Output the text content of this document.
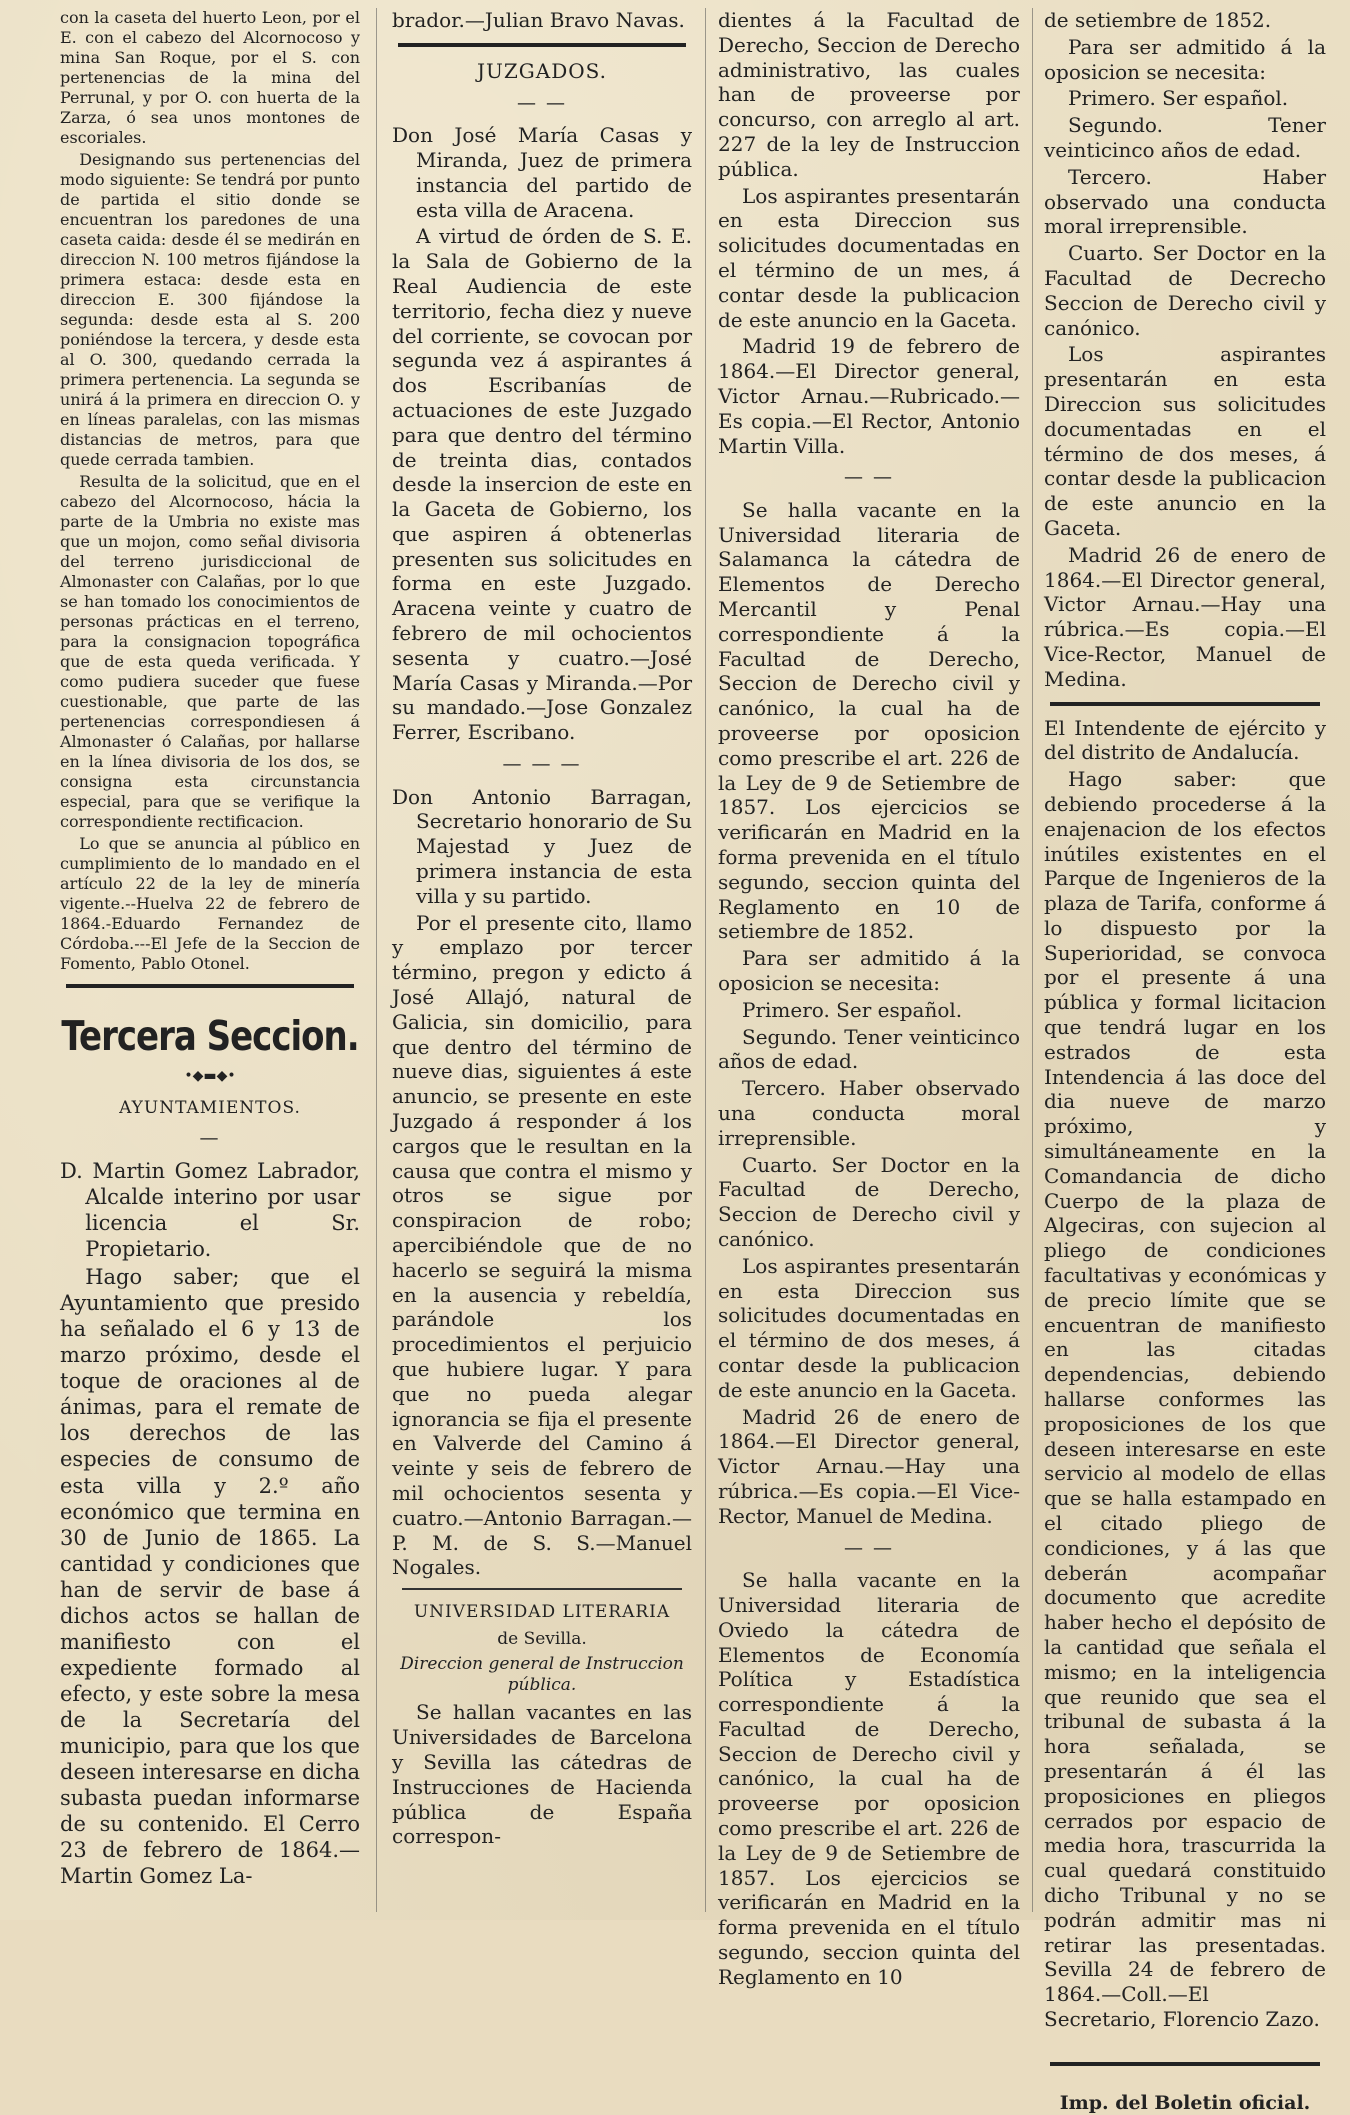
con la caseta del huerto Leon, por el E. con el cabezo del Alcornocoso y mina San Roque, por el S. con pertenencias de la mina del Perrunal, y por O. con huerta de la Zarza, ó sea unos montones de escoriales.

Designando sus pertenencias del modo siguiente: Se tendrá por punto de partida el sitio donde se encuentran los paredones de una caseta caida: desde él se medirán en direccion N. 100 metros fijándose la primera estaca: desde esta en direccion E. 300 fijándose la segunda: desde esta al S. 200 poniéndose la tercera, y desde esta al O. 300, quedando cerrada la primera pertenencia. La segunda se unirá á la primera en direccion O. y en líneas paralelas, con las mismas distancias de metros, para que quede cerrada tambien.

Resulta de la solicitud, que en el cabezo del Alcornocoso, hácia la parte de la Umbria no existe mas que un mojon, como señal divisoria del terreno jurisdiccional de Almonaster con Calañas, por lo que se han tomado los conocimientos de personas prácticas en el terreno, para la consignacion topográfica que de esta queda verificada. Y como pudiera suceder que fuese cuestionable, que parte de las pertenencias correspondiesen á Almonaster ó Calañas, por hallarse en la línea divisoria de los dos, se consigna esta circunstancia especial, para que se verifique la correspondiente rectificacion.

Lo que se anuncia al público en cumplimiento de lo mandado en el artículo 22 de la ley de minería vigente.--Huelva 22 de febrero de 1864.-Eduardo Fernandez de Córdoba.---El Jefe de la Seccion de Fomento, Pablo Otonel.

Tercera Seccion.
•◆▬◆•
AYUNTAMIENTOS.
—

D. Martin Gomez Labrador, Alcalde interino por usar licencia el Sr. Propietario.

Hago saber; que el Ayuntamiento que presido ha señalado el 6 y 13 de marzo próximo, desde el toque de oraciones al de ánimas, para el remate de los derechos de las especies de consumo de esta villa y 2.º año económico que termina en 30 de Junio de 1865. La cantidad y condiciones que han de servir de base á dichos actos se hallan de manifiesto con el expediente formado al efecto, y este sobre la mesa de la Secretaría del municipio, para que los que deseen interesarse en dicha subasta puedan informarse de su contenido. El Cerro 23 de febrero de 1864.—Martin Gomez La-

brador.—Julian Bravo Navas.

JUZGADOS.
— —

Don José María Casas y Miranda, Juez de primera instancia del partido de esta villa de Aracena.

A virtud de órden de S. E. la Sala de Gobierno de la Real Audiencia de este territorio, fecha diez y nueve del corriente, se covocan por segunda vez á aspirantes á dos Escribanías de actuaciones de este Juzgado para que dentro del término de treinta dias, contados desde la insercion de este en la Gaceta de Gobierno, los que aspiren á obtenerlas presenten sus solicitudes en forma en este Juzgado. Aracena veinte y cuatro de febrero de mil ochocientos sesenta y cuatro.—José María Casas y Miranda.—Por su mandado.—Jose Gonzalez Ferrer, Escribano.

— — —

Don Antonio Barragan, Secretario honorario de Su Majestad y Juez de primera instancia de esta villa y su partido.

Por el presente cito, llamo y emplazo por tercer término, pregon y edicto á José Allajó, natural de Galicia, sin domicilio, para que dentro del término de nueve dias, siguientes á este anuncio, se presente en este Juzgado á responder á los cargos que le resultan en la causa que contra el mismo y otros se sigue por conspiracion de robo; apercibiéndole que de no hacerlo se seguirá la misma en la ausencia y rebeldía, parándole los procedimientos el perjuicio que hubiere lugar. Y para que no pueda alegar ignorancia se fija el presente en Valverde del Camino á veinte y seis de febrero de mil ochocientos sesenta y cuatro.—Antonio Barragan.—P. M. de S. S.—Manuel Nogales.

UNIVERSIDAD LITERARIA
de Sevilla.
Direccion general de Instruccion pública.

Se hallan vacantes en las Universidades de Barcelona y Sevilla las cátedras de Instrucciones de Hacienda pública de España correspon-

dientes á la Facultad de Derecho, Seccion de Derecho administrativo, las cuales han de proveerse por concurso, con arreglo al art. 227 de la ley de Instruccion pública.

Los aspirantes presentarán en esta Direccion sus solicitudes documentadas en el término de un mes, á contar desde la publicacion de este anuncio en la Gaceta.

Madrid 19 de febrero de 1864.—El Director general, Victor Arnau.—Rubricado.—Es copia.—El Rector, Antonio Martin Villa.

— —

Se halla vacante en la Universidad literaria de Salamanca la cátedra de Elementos de Derecho Mercantil y Penal correspondiente á la Facultad de Derecho, Seccion de Derecho civil y canónico, la cual ha de proveerse por oposicion como prescribe el art. 226 de la Ley de 9 de Setiembre de 1857. Los ejercicios se verificarán en Madrid en la forma prevenida en el título segundo, seccion quinta del Reglamento en 10 de setiembre de 1852.

Para ser admitido á la oposicion se necesita:

Primero. Ser español.

Segundo. Tener veinticinco años de edad.

Tercero. Haber observado una conducta moral irreprensible.

Cuarto. Ser Doctor en la Facultad de Derecho, Seccion de Derecho civil y canónico.

Los aspirantes presentarán en esta Direccion sus solicitudes documentadas en el término de dos meses, á contar desde la publicacion de este anuncio en la Gaceta.

Madrid 26 de enero de 1864.—El Director general, Victor Arnau.—Hay una rúbrica.—Es copia.—El Vice-Rector, Manuel de Medina.

— —

Se halla vacante en la Universidad literaria de Oviedo la cátedra de Elementos de Economía Política y Estadística correspondiente á la Facultad de Derecho, Seccion de Derecho civil y canónico, la cual ha de proveerse por oposicion como prescribe el art. 226 de la Ley de 9 de Setiembre de 1857. Los ejercicios se verificarán en Madrid en la forma prevenida en el título segundo, seccion quinta del Reglamento en 10

de setiembre de 1852.

Para ser admitido á la oposicion se necesita:

Primero. Ser español.

Segundo. Tener veinticinco años de edad.

Tercero. Haber observado una conducta moral irreprensible.

Cuarto. Ser Doctor en la Facultad de Decrecho Seccion de Derecho civil y canónico.

Los aspirantes presentarán en esta Direccion sus solicitudes documentadas en el término de dos meses, á contar desde la publicacion de este anuncio en la Gaceta.

Madrid 26 de enero de 1864.—El Director general, Victor Arnau.—Hay una rúbrica.—Es copia.—El Vice-Rector, Manuel de Medina.

El Intendente de ejército y del distrito de Andalucía.

Hago saber: que debiendo procederse á la enajenacion de los efectos inútiles existentes en el Parque de Ingenieros de la plaza de Tarifa, conforme á lo dispuesto por la Superioridad, se convoca por el presente á una pública y formal licitacion que tendrá lugar en los estrados de esta Intendencia á las doce del dia nueve de marzo próximo, y simultáneamente en la Comandancia de dicho Cuerpo de la plaza de Algeciras, con sujecion al pliego de condiciones facultativas y económicas y de precio límite que se encuentran de manifiesto en las citadas dependencias, debiendo hallarse conformes las proposiciones de los que deseen interesarse en este servicio al modelo de ellas que se halla estampado en el citado pliego de condiciones, y á las que deberán acompañar documento que acredite haber hecho el depósito de la cantidad que señala el mismo; en la inteligencia que reunido que sea el tribunal de subasta á la hora señalada, se presentarán á él las proposiciones en pliegos cerrados por espacio de media hora, trascurrida la cual quedará constituido dicho Tribunal y no se podrán admitir mas ni retirar las presentadas. Sevilla 24 de febrero de 1864.—Coll.—El Secretario, Florencio Zazo.

Imp. del Boletin oficial.
